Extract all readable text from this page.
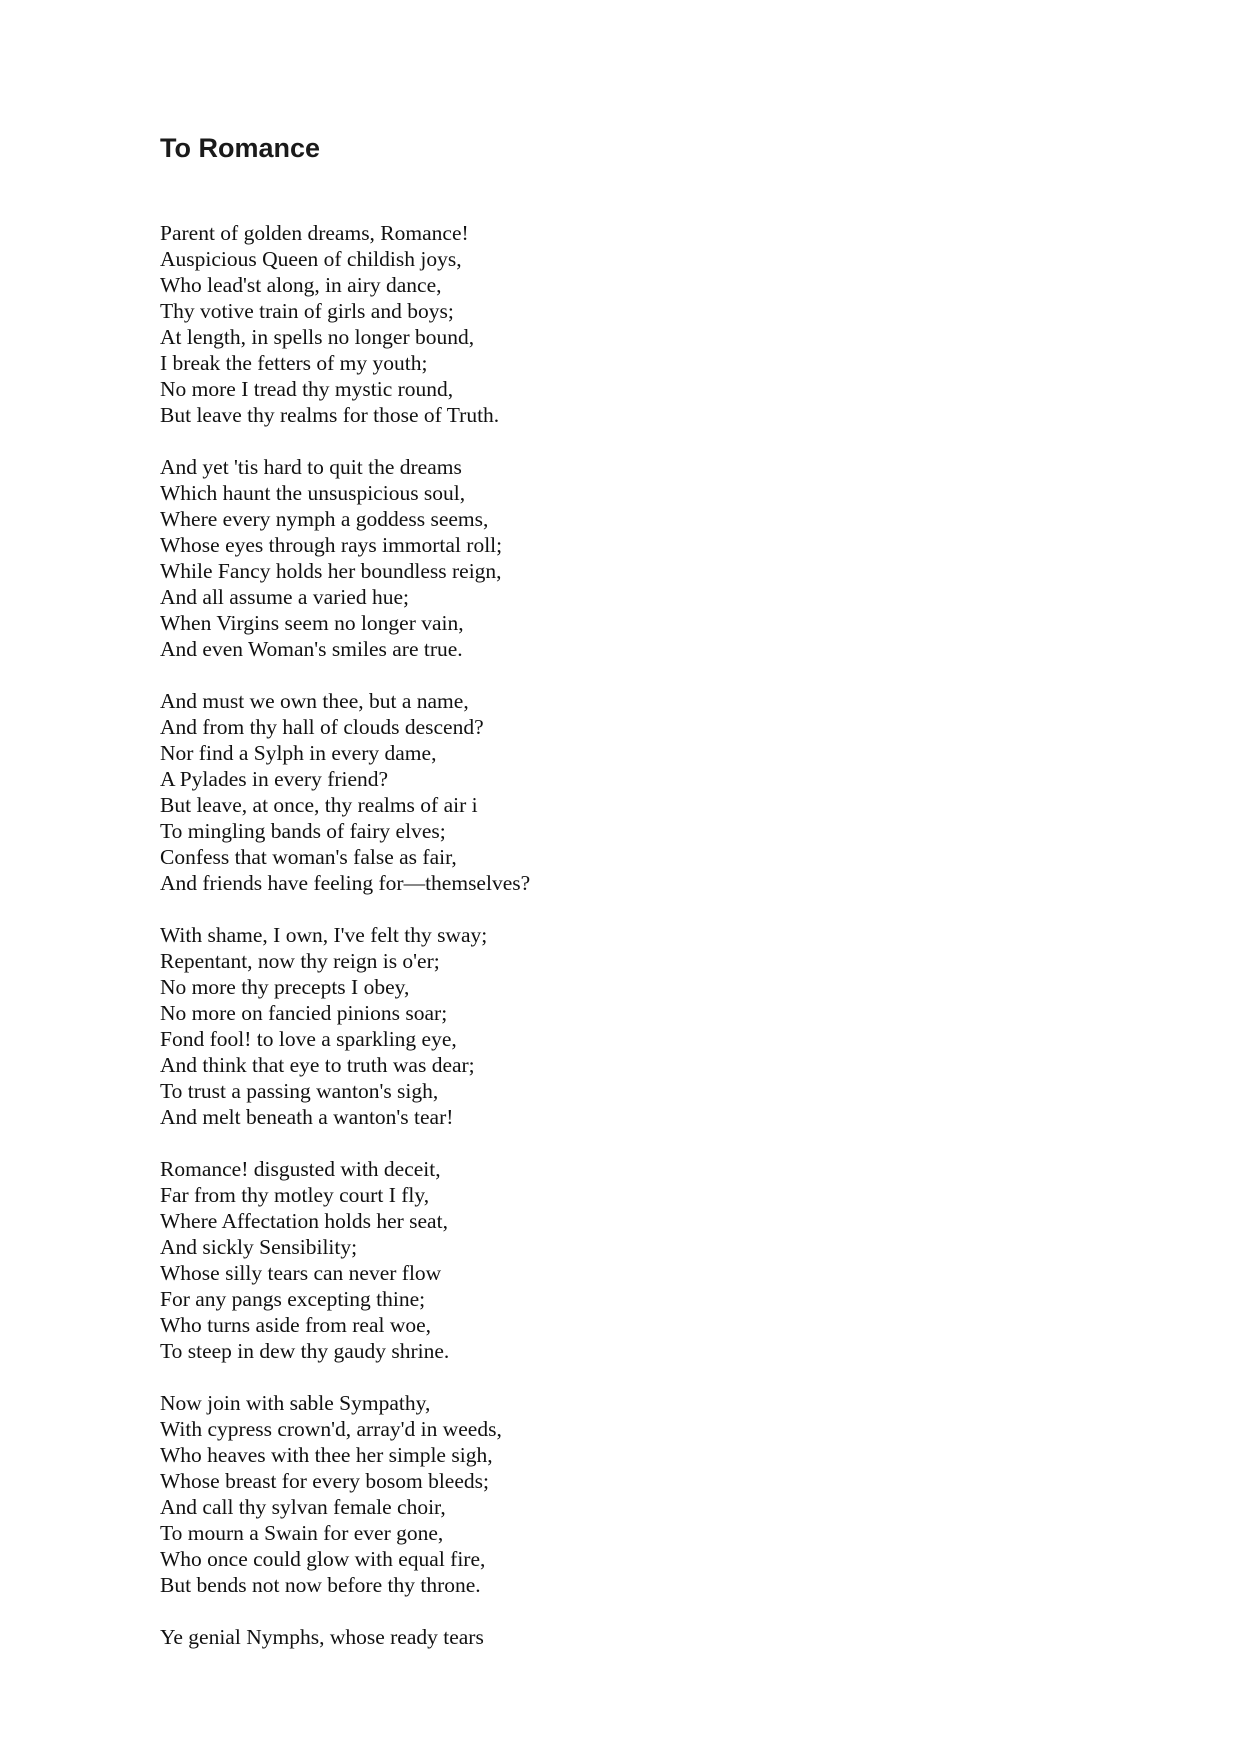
To Romance
Parent of golden dreams, Romance!
Auspicious Queen of childish joys,
Who lead'st along, in airy dance,
Thy votive train of girls and boys;
At length, in spells no longer bound,
I break the fetters of my youth;
No more I tread thy mystic round,
But leave thy realms for those of Truth.
And yet 'tis hard to quit the dreams
Which haunt the unsuspicious soul,
Where every nymph a goddess seems,
Whose eyes through rays immortal roll;
While Fancy holds her boundless reign,
And all assume a varied hue;
When Virgins seem no longer vain,
And even Woman's smiles are true.
And must we own thee, but a name,
And from thy hall of clouds descend?
Nor find a Sylph in every dame,
A Pylades in every friend?
But leave, at once, thy realms of air i
To mingling bands of fairy elves;
Confess that woman's false as fair,
And friends have feeling for—themselves?
With shame, I own, I've felt thy sway;
Repentant, now thy reign is o'er;
No more thy precepts I obey,
No more on fancied pinions soar;
Fond fool! to love a sparkling eye,
And think that eye to truth was dear;
To trust a passing wanton's sigh,
And melt beneath a wanton's tear!
Romance! disgusted with deceit,
Far from thy motley court I fly,
Where Affectation holds her seat,
And sickly Sensibility;
Whose silly tears can never flow
For any pangs excepting thine;
Who turns aside from real woe,
To steep in dew thy gaudy shrine.
Now join with sable Sympathy,
With cypress crown'd, array'd in weeds,
Who heaves with thee her simple sigh,
Whose breast for every bosom bleeds;
And call thy sylvan female choir,
To mourn a Swain for ever gone,
Who once could glow with equal fire,
But bends not now before thy throne.
Ye genial Nymphs, whose ready tears
